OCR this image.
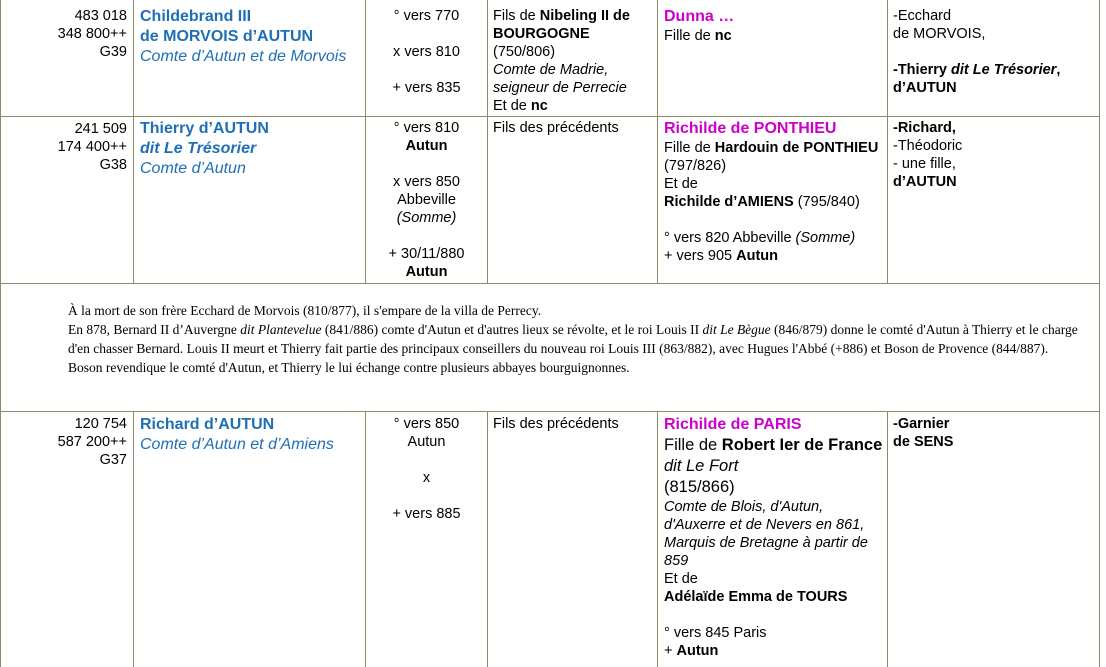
483 018
348 800++
G39
Childebrand III
de MORVOIS d’AUTUN
Comte d’Autun et de Morvois
° vers 770
x vers 810
+ vers 835
Fils de Nibeling II de BOURGOGNE
(750/806)
Comte de Madrie, seigneur de Perrecie
Et de nc
Dunna …
Fille de nc
-Ecchard
de MORVOIS,
-Thierry dit Le Trésorier,
d’AUTUN
241 509
174 400++
G38
Thierry d’AUTUN
dit Le Trésorier
Comte d’Autun
° vers 810
Autun
x vers 850
Abbeville
(Somme)
+ 30/11/880
Autun
Fils des précédents	Richilde de PONTHIEU
Fille de Hardouin de PONTHIEU (797/826)
Et de
Richilde d’AMIENS (795/840)
° vers 820 Abbeville (Somme)
+ vers 905 Autun
-Richard,
-Théodoric
- une fille,
d’AUTUN

À la mort de son frère Ecchard de Morvois (810/877), il s'empare de la villa de Perrecy.

En 878, Bernard II d’Auvergne dit Plantevelue (841/886) comte d'Autun et d'autres lieux se révolte, et le roi Louis II dit Le Bègue (846/879) donne le comté d'Autun à Thierry et le charge d'en chasser Bernard. Louis II meurt et Thierry fait partie des principaux conseillers du nouveau roi Louis III (863/882), avec Hugues l'Abbé (+886) et Boson de Provence (844/887).

Boson revendique le comté d'Autun, et Thierry le lui échange contre plusieurs abbayes bourguignonnes.

120 754
587 200++
G37
Richard d’AUTUN
Comte d’Autun et d’Amiens
° vers 850
Autun
x
+ vers 885
Fils des précédents	Richilde de PARIS
Fille de Robert Ier de France dit Le Fort
(815/866)
Comte de Blois, d'Autun, d'Auxerre et de Nevers en 861, Marquis de Bretagne à partir de 859
Et de
Adélaïde Emma de TOURS
° vers 845 Paris
+ Autun
-Garnier
de SENS
